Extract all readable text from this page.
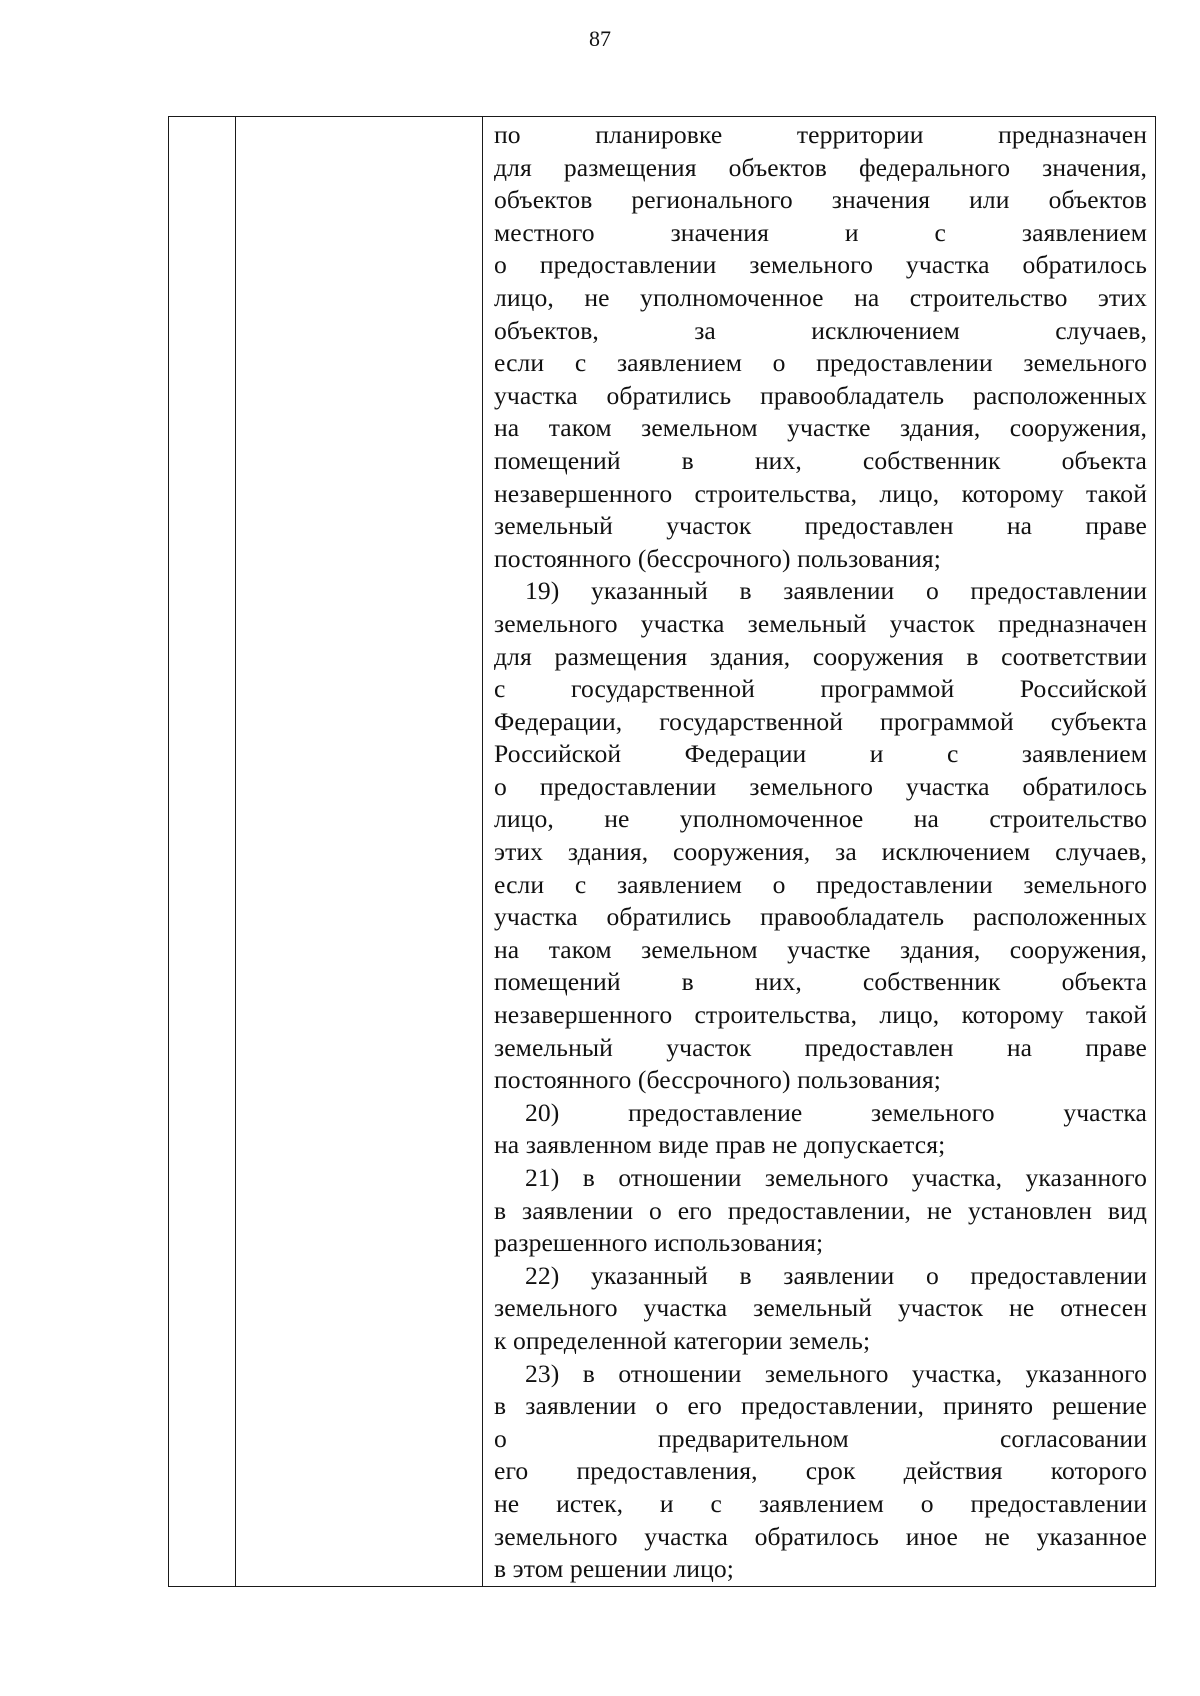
87

по планировке территории предназначен
для размещения объектов федерального значения,
объектов регионального значения или объектов
местного значения и с заявлением
о предоставлении земельного участка обратилось
лицо, не уполномоченное на строительство этих
объектов, за исключением случаев,
если с заявлением о предоставлении земельного
участка обратились правообладатель расположенных
на таком земельном участке здания, сооружения,
помещений в них, собственник объекта
незавершенного строительства, лицо, которому такой
земельный участок предоставлен на праве
постоянного (бессрочного) пользования;

19) указанный в заявлении о предоставлении
земельного участка земельный участок предназначен
для размещения здания, сооружения в соответствии
с государственной программой Российской
Федерации, государственной программой субъекта
Российской Федерации и с заявлением
о предоставлении земельного участка обратилось
лицо, не уполномоченное на строительство
этих здания, сооружения, за исключением случаев,
если с заявлением о предоставлении земельного
участка обратились правообладатель расположенных
на таком земельном участке здания, сооружения,
помещений в них, собственник объекта
незавершенного строительства, лицо, которому такой
земельный участок предоставлен на праве
постоянного (бессрочного) пользования;

20) предоставление земельного участка
на заявленном виде прав не допускается;

21) в отношении земельного участка, указанного
в заявлении о его предоставлении, не установлен вид
разрешенного использования;

22) указанный в заявлении о предоставлении
земельного участка земельный участок не отнесен
к определенной категории земель;

23) в отношении земельного участка, указанного
в заявлении о его предоставлении, принято решение
о предварительном согласовании
его предоставления, срок действия которого
не истек, и с заявлением о предоставлении
земельного участка обратилось иное не указанное
в этом решении лицо;
